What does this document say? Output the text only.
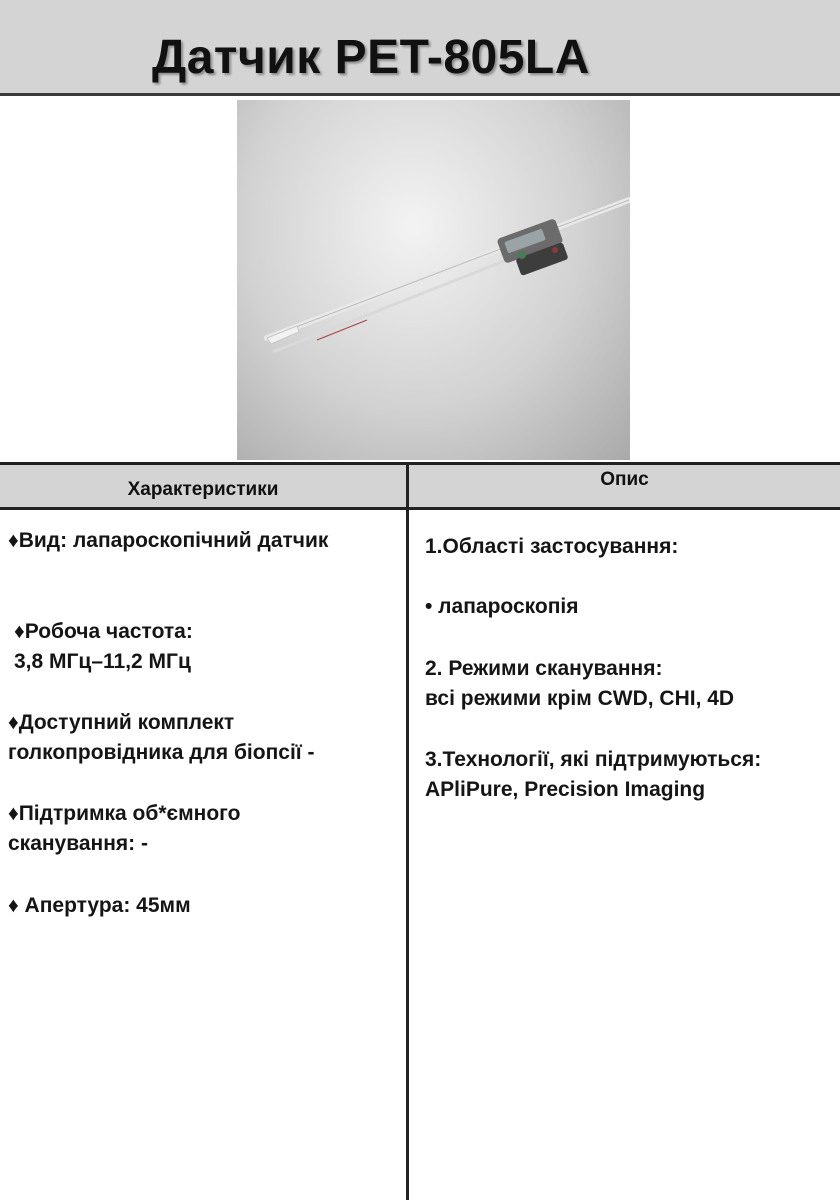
Датчик PET-805LA
Характеристики	Опис

♦Вид: лапароскопічний датчик

♦Робоча частота:
3,8 МГц–11,2 МГц

♦Доступний комплект
голкопровідника для біопсії -

♦Підтримка об*ємного
сканування: -

♦ Апертура: 45мм

1.Області застосування:

• лапароскопія

2. Режими сканування:
всі режими крім CWD, CHI, 4D

3.Технології, які підтримуються:
APliPure, Precision Imaging
